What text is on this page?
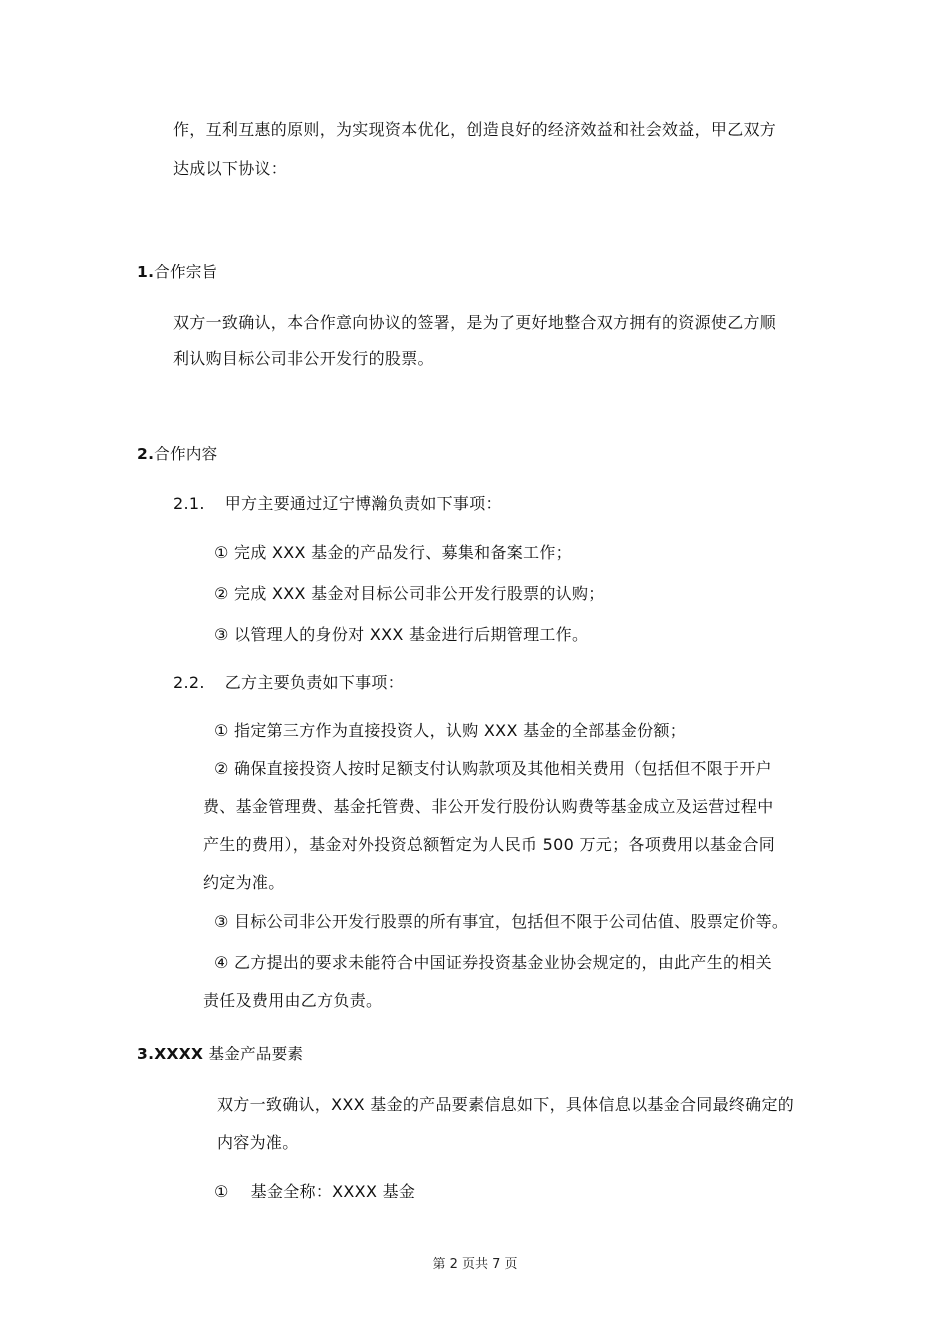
作，互利互惠的原则，为实现资本优化，创造良好的经济效益和社会效益，甲乙双方
达成以下协议：
1.合作宗旨
双方一致确认，本合作意向协议的签署，是为了更好地整合双方拥有的资源使乙方顺
利认购目标公司非公开发行的股票。
2.合作内容
2.1. 甲方主要通过辽宁博瀚负责如下事项：
① 完成 XXX 基金的产品发行、募集和备案工作；
② 完成 XXX 基金对目标公司非公开发行股票的认购；
③ 以管理人的身份对 XXX 基金进行后期管理工作。
2.2. 乙方主要负责如下事项：
① 指定第三方作为直接投资人，认购 XXX 基金的全部基金份额；
② 确保直接投资人按时足额支付认购款项及其他相关费用（包括但不限于开户
费、基金管理费、基金托管费、非公开发行股份认购费等基金成立及运营过程中
产生的费用），基金对外投资总额暂定为人民币 500 万元；各项费用以基金合同
约定为准。
③ 目标公司非公开发行股票的所有事宜，包括但不限于公司估值、股票定价等。
④ 乙方提出的要求未能符合中国证券投资基金业协会规定的，由此产生的相关
责任及费用由乙方负责。
3.XXXX 基金产品要素
双方一致确认，XXX 基金的产品要素信息如下，具体信息以基金合同最终确定的
内容为准。
① 基金全称：XXXX 基金
第 2 页共 7 页
